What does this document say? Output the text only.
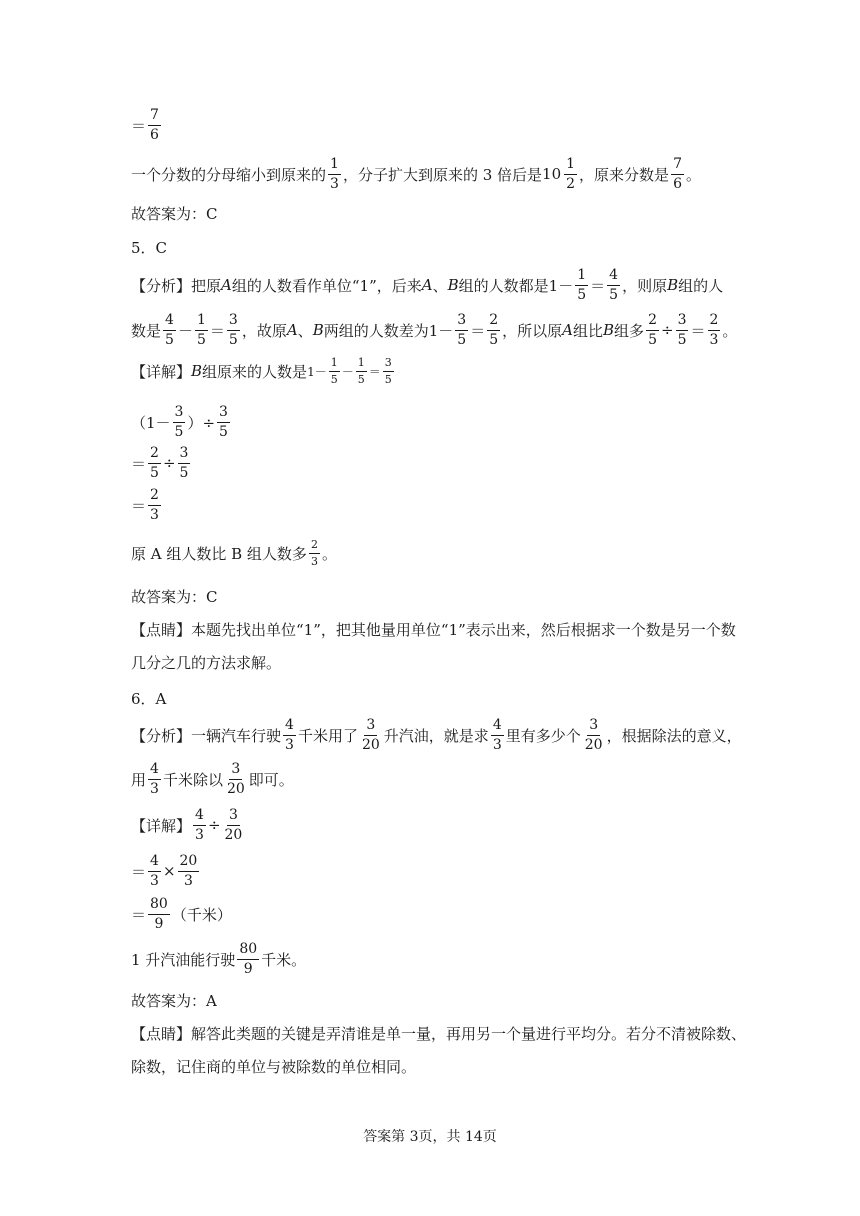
＝ $\frac{7}{6}$
一个分数的分母缩小到原来的 $\frac{1}{3}$ ，分子扩大到原来的 3 倍后是 $10 \frac{1}{2}$ ，原来分数是 $\frac{7}{6}$ 。
故答案为：C
5．C
【分析】 把原 A 组的人数看作单位“1”，后来 A 、 B 组的人数都是 $1- \frac{1}{5} = \frac{4}{5}$ ，则原 B 组的人
数是 $\frac{4}{5} - \frac{1}{5} = \frac{3}{5}$ ，故原 A 、 B 两组的人数差为 $1- \frac{3}{5} = \frac{2}{5}$ ，所以原 A 组比 B 组多 $\frac{2}{5} \div \frac{3}{5} = \frac{2}{3}$ 。
【详解】 B 组原来的人数是 $1- \frac{1}{5} - \frac{1}{5} = \frac{3}{5}$
（$1- \frac{3}{5}$ ）÷ $\frac{3}{5}$
＝ $\frac{2}{5} \div \frac{3}{5}$
＝ $\frac{2}{3}$
原 A 组人数比 B 组人数多 $\frac{2}{3}$ 。
故答案为：C
【点睛】本题先找出单位“1”，把其他量用单位“1”表示出来，然后根据求一个数是另一个数
几分之几的方法求解。
6．A
【分析】 一辆汽车行驶 $\frac{4}{3}$ 千米用了 $\frac{3}{20}$ 升汽油，就是求 $\frac{4}{3}$ 里有多少个 $\frac{3}{20}$ ，根据除法的意义，
用 $\frac{4}{3}$ 千米除以 $\frac{3}{20}$ 即可。
【详解】 $\frac{4}{3} \div \frac{3}{20}$
＝ $\frac{4}{3} \times \frac{20}{3}$
＝ $\frac{80}{9}$ （千米）
1 升汽油能行驶 $\frac{80}{9}$ 千米。
故答案为：A
【点睛】解答此类题的关键是弄清谁是单一量，再用另一个量进行平均分。若分不清被除数、
除数，记住商的单位与被除数的单位相同。
答案第 3页，共 14页
